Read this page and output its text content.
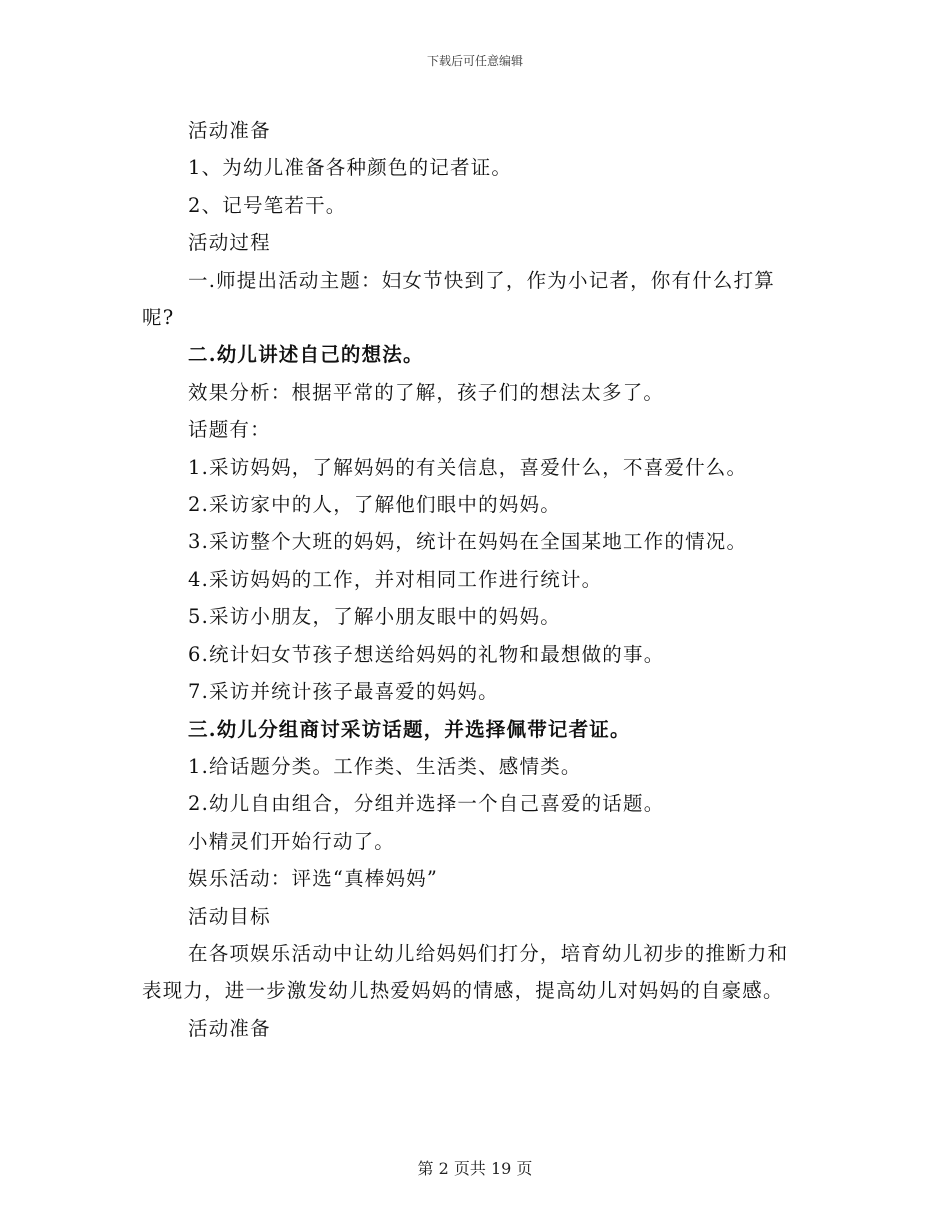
下载后可任意编辑

活动准备

1、为幼儿准备各种颜色的记者证。

2、记号笔若干。

活动过程

一.师提出活动主题：妇女节快到了，作为小记者，你有什么打算呢?

二.幼儿讲述自己的想法。

效果分析：根据平常的了解，孩子们的想法太多了。

话题有：

1.采访妈妈，了解妈妈的有关信息，喜爱什么，不喜爱什么。

2.采访家中的人，了解他们眼中的妈妈。

3.采访整个大班的妈妈，统计在妈妈在全国某地工作的情况。

4.采访妈妈的工作，并对相同工作进行统计。

5.采访小朋友，了解小朋友眼中的妈妈。

6.统计妇女节孩子想送给妈妈的礼物和最想做的事。

7.采访并统计孩子最喜爱的妈妈。

三.幼儿分组商讨采访话题，并选择佩带记者证。

1.给话题分类。工作类、生活类、感情类。

2.幼儿自由组合，分组并选择一个自己喜爱的话题。

小精灵们开始行动了。

娱乐活动：评选“真棒妈妈”

活动目标

在各项娱乐活动中让幼儿给妈妈们打分，培育幼儿初步的推断力和表现力，进一步激发幼儿热爱妈妈的情感，提高幼儿对妈妈的自豪感。

活动准备

第 2 页共 19 页
